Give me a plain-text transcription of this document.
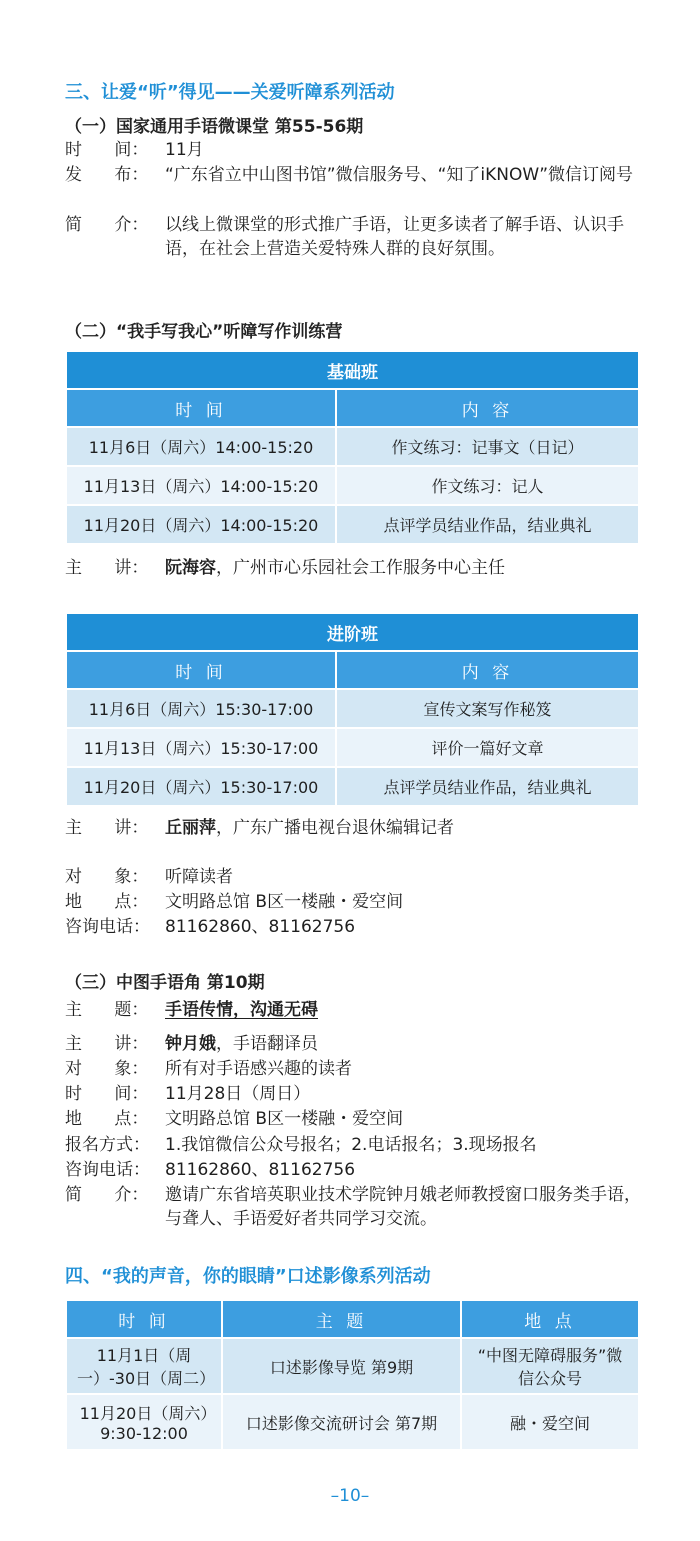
三、让爱“听”得见——关爱听障系列活动
（一）国家通用手语微课堂 第55-56期
时      间： 11月
发      布： “广东省立中山图书馆”微信服务号、“知了iKNOW”微信订阅号
简      介： 以线上微课堂的形式推广手语，让更多读者了解手语、认识手语，在社会上营造关爱特殊人群的良好氛围。
（二）“我手写我心”听障写作训练营
基础班	
时 间	内 容
11月6日（周六）14:00-15:20	作文练习：记事文（日记）
11月13日（周六）14:00-15:20	作文练习：记人
11月20日（周六）14:00-15:20	点评学员结业作品，结业典礼
主      讲： 阮海容，广州市心乐园社会工作服务中心主任
进阶班	
时 间	内 容
11月6日（周六）15:30-17:00	宣传文案写作秘笈
11月13日（周六）15:30-17:00	评价一篇好文章
11月20日（周六）15:30-17:00	点评学员结业作品，结业典礼
主      讲： 丘丽萍，广东广播电视台退休编辑记者
对      象： 听障读者
地      点： 文明路总馆 B区一楼融・爱空间
咨询电话： 81162860、81162756
（三）中图手语角 第10期
主      题： 手语传情，沟通无碍
主      讲： 钟月娥，手语翻译员
对      象： 所有对手语感兴趣的读者
时      间： 11月28日（周日）
地      点： 文明路总馆 B区一楼融・爱空间
报名方式： 1.我馆微信公众号报名；2.电话报名；3.现场报名
咨询电话： 81162860、81162756
简      介： 邀请广东省培英职业技术学院钟月娥老师教授窗口服务类手语，与聋人、手语爱好者共同学习交流。
四、“我的声音，你的眼睛”口述影像系列活动
时 间	主 题	地 点
11月1日（周一）-30日（周二）	口述影像导览 第9期	“中图无障碍服务”微信公众号
11月20日（周六）9:30-12:00	口述影像交流研讨会 第7期	融・爱空间
–10–
